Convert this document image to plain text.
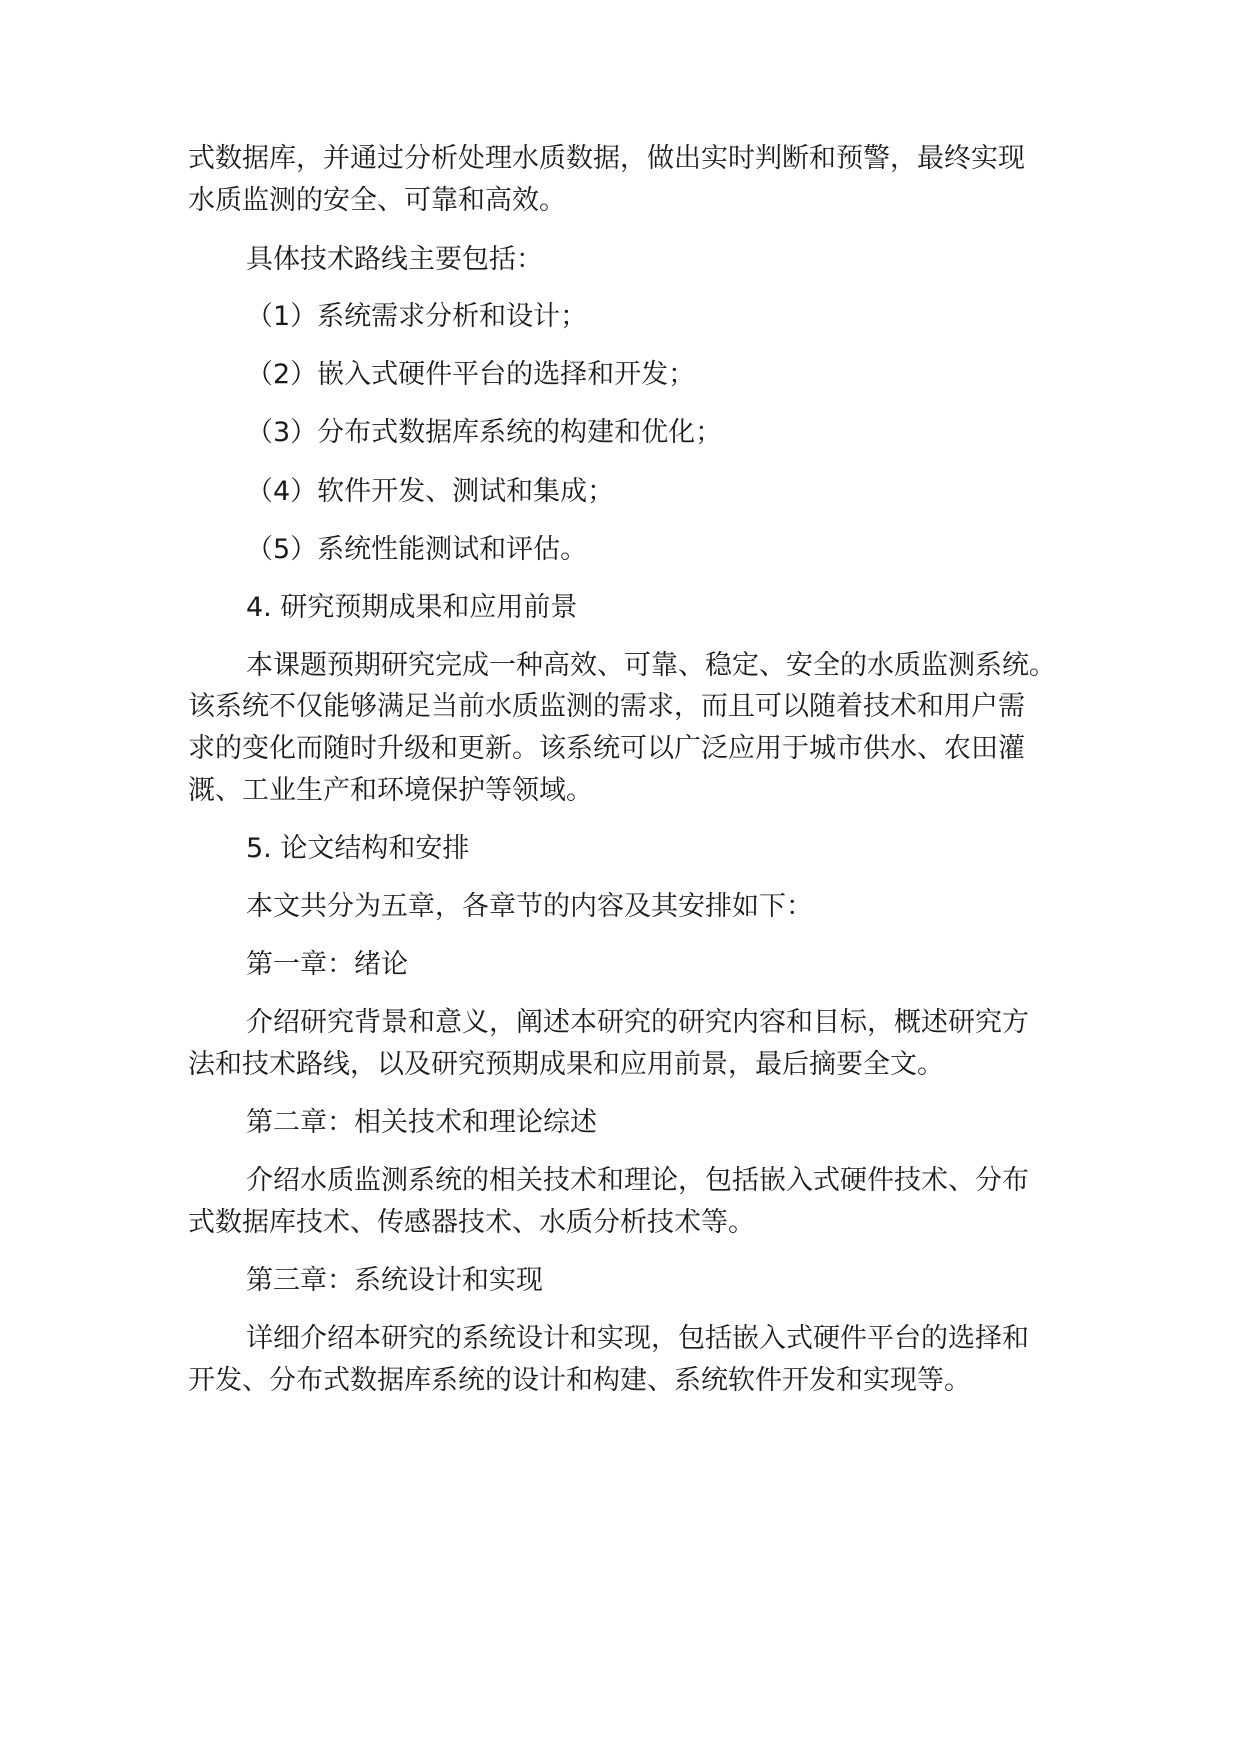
式数据库，并通过分析处理水质数据，做出实时判断和预警，最终实现

水质监测的安全、可靠和高效。

具体技术路线主要包括：

（1）系统需求分析和设计；

（2）嵌入式硬件平台的选择和开发；

（3）分布式数据库系统的构建和优化；

（4）软件开发、测试和集成；

（5）系统性能测试和评估。

4. 研究预期成果和应用前景

本课题预期研究完成一种高效、可靠、稳定、安全的水质监测系统。

该系统不仅能够满足当前水质监测的需求，而且可以随着技术和用户需

求的变化而随时升级和更新。该系统可以广泛应用于城市供水、农田灌

溉、工业生产和环境保护等领域。

5. 论文结构和安排

本文共分为五章，各章节的内容及其安排如下：

第一章：绪论

介绍研究背景和意义，阐述本研究的研究内容和目标，概述研究方

法和技术路线，以及研究预期成果和应用前景，最后摘要全文。

第二章：相关技术和理论综述

介绍水质监测系统的相关技术和理论，包括嵌入式硬件技术、分布

式数据库技术、传感器技术、水质分析技术等。

第三章：系统设计和实现

详细介绍本研究的系统设计和实现，包括嵌入式硬件平台的选择和

开发、分布式数据库系统的设计和构建、系统软件开发和实现等。
